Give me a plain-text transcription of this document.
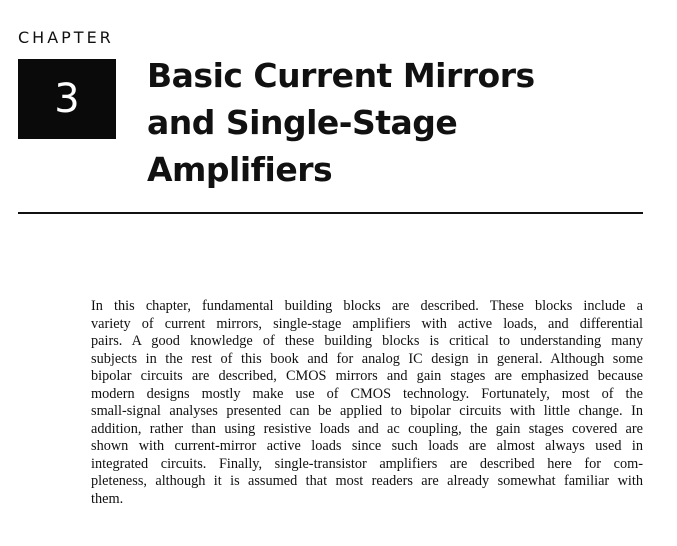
CHAPTER
3
Basic Current Mirrors
and Single-Stage
Amplifiers

In this chapter, fundamental building blocks are described. These blocks include a
variety of current mirrors, single-stage amplifiers with active loads, and differential
pairs. A good knowledge of these building blocks is critical to understanding many
subjects in the rest of this book and for analog IC design in general. Although some
bipolar circuits are described, CMOS mirrors and gain stages are emphasized because
modern designs mostly make use of CMOS technology. Fortunately, most of the
small-signal analyses presented can be applied to bipolar circuits with little change. In
addition, rather than using resistive loads and ac coupling, the gain stages covered are
shown with current-mirror active loads since such loads are almost always used in
integrated circuits. Finally, single-transistor amplifiers are described here for com-
pleteness, although it is assumed that most readers are already somewhat familiar with
them.
